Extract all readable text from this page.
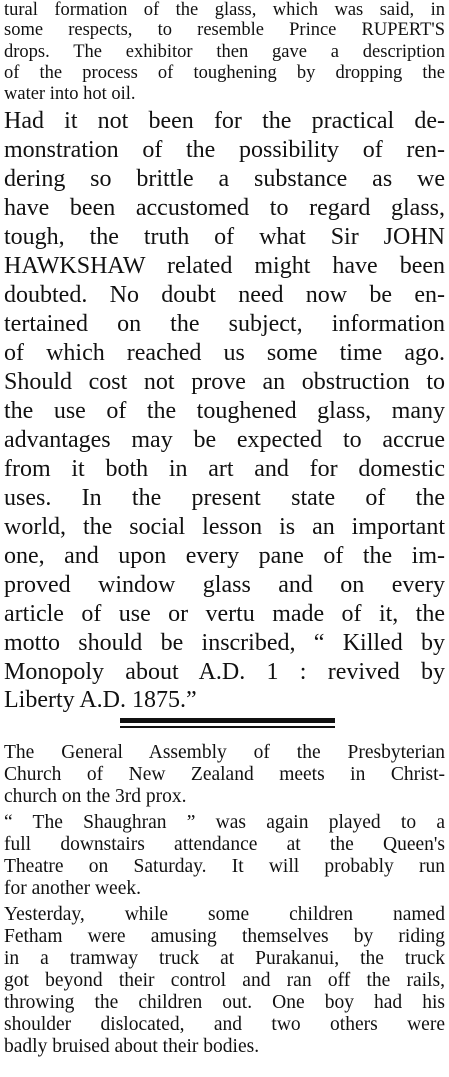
tural formation of the glass, which was said, in
some respects, to resemble Prince RUPERT'S
drops. The exhibitor then gave a description
of the process of toughening by dropping the
water into hot oil.
Had it not been for the practical de-
monstration of the possibility of ren-
dering so brittle a substance as we
have been accustomed to regard glass,
tough, the truth of what Sir JOHN
HAWKSHAW related might have been
doubted. No doubt need now be en-
tertained on the subject, information
of which reached us some time ago.
Should cost not prove an obstruction to
the use of the toughened glass, many
advantages may be expected to accrue
from it both in art and for domestic
uses. In the present state of the
world, the social lesson is an important
one, and upon every pane of the im-
proved window glass and on every
article of use or vertu made of it, the
motto should be inscribed, “ Killed by
Monopoly about A.D. 1 : revived by
Liberty A.D. 1875.”
The General Assembly of the Presbyterian
Church of New Zealand meets in Christ-
church on the 3rd prox.
“ The Shaughran ” was again played to a
full downstairs attendance at the Queen's
Theatre on Saturday. It will probably run
for another week.
Yesterday, while some children named
Fetham were amusing themselves by riding
in a tramway truck at Purakanui, the truck
got beyond their control and ran off the rails,
throwing the children out. One boy had his
shoulder dislocated, and two others were
badly bruised about their bodies.
